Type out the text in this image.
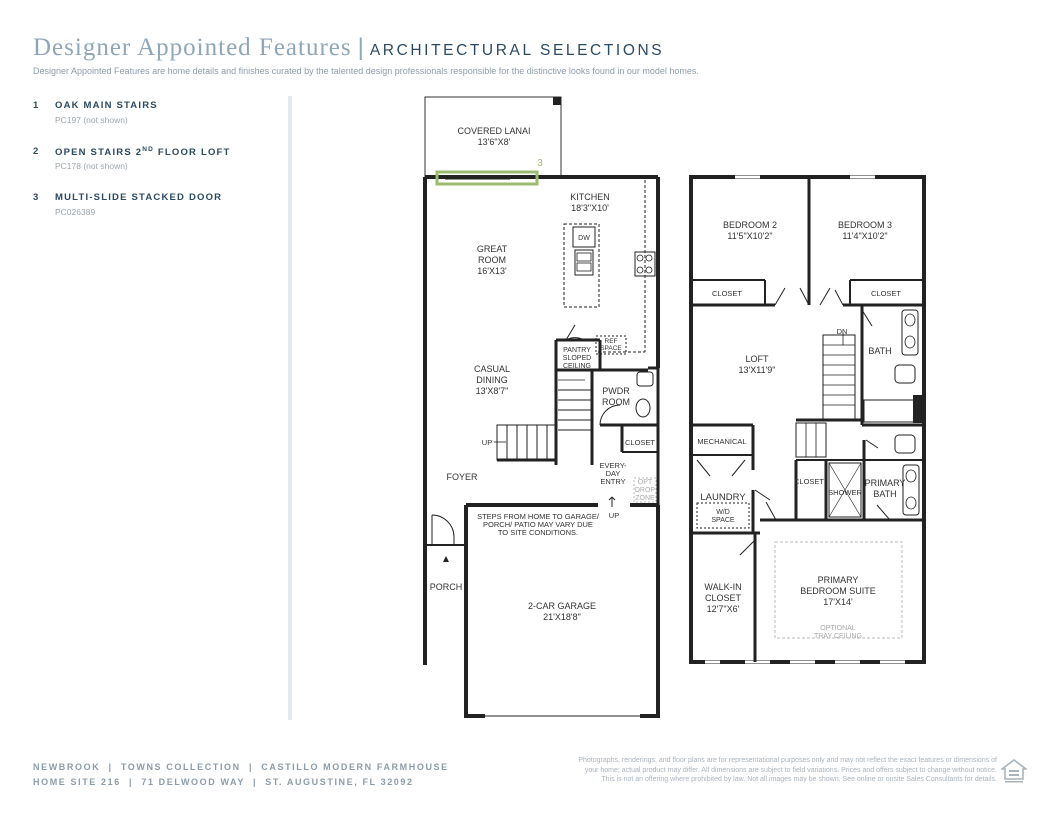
Designer Appointed Features | ARCHITECTURAL SELECTIONS
Designer Appointed Features are home details and finishes curated by the talented design professionals responsible for the distinctive looks found in our model homes.
1 OAK MAIN STAIRS
PC197 (not shown)
2 OPEN STAIRS 2ND FLOOR LOFT
PC178 (not shown)
3 MULTI-SLIDE STACKED DOOR
PC026389
COVERED LANAI
13'6"X8'
3
KITCHEN
18'3"X10'
DW
GREAT
ROOM
16'X13'
PANTRY
SLOPED
CEILING
REF
SPACE
CASUAL
DINING
13'X8'7"	PWDR
ROOM
CLOSET
UP
UP
FOYER
EVERY-
DAY
ENTRY OPT
DROP
ZONE
STEPS FROM HOME TO GARAGE/
PORCH/ PATIO MAY VARY DUE
TO SITE CONDITIONS.
PORCH
2-CAR GARAGE
21'X18'8"
BEDROOM 2
11'5"X10'2"
BEDROOM 3
11'4"X10'2"
CLOSET	CLOSET
DN
BATH
LOFT
13'X11'9"
MECHANICAL
CLOSET
SHOWER
PRIMARY
BATH
LAUNDRY
W/D
SPACE
WALK-IN
CLOSET
12'7"X6'
PRIMARY
BEDROOM SUITE
17'X14'
OPTIONAL
TRAY CEILING
NEWBROOK  |  TOWNS COLLECTION  |  CASTILLO MODERN FARMHOUSE
HOME SITE 216  |  71 DELWOOD WAY  |  ST. AUGUSTINE, FL 32092
Photographs, renderings, and floor plans are for representational purposes only and may not reflect the exact features or dimensions of
your home; actual product may differ. All dimensions are subject to field variations. Prices and offers subject to change without notice.
This is not an offering where prohibited by law. Not all images may be shown. See online or onsite Sales Consultants for details.
